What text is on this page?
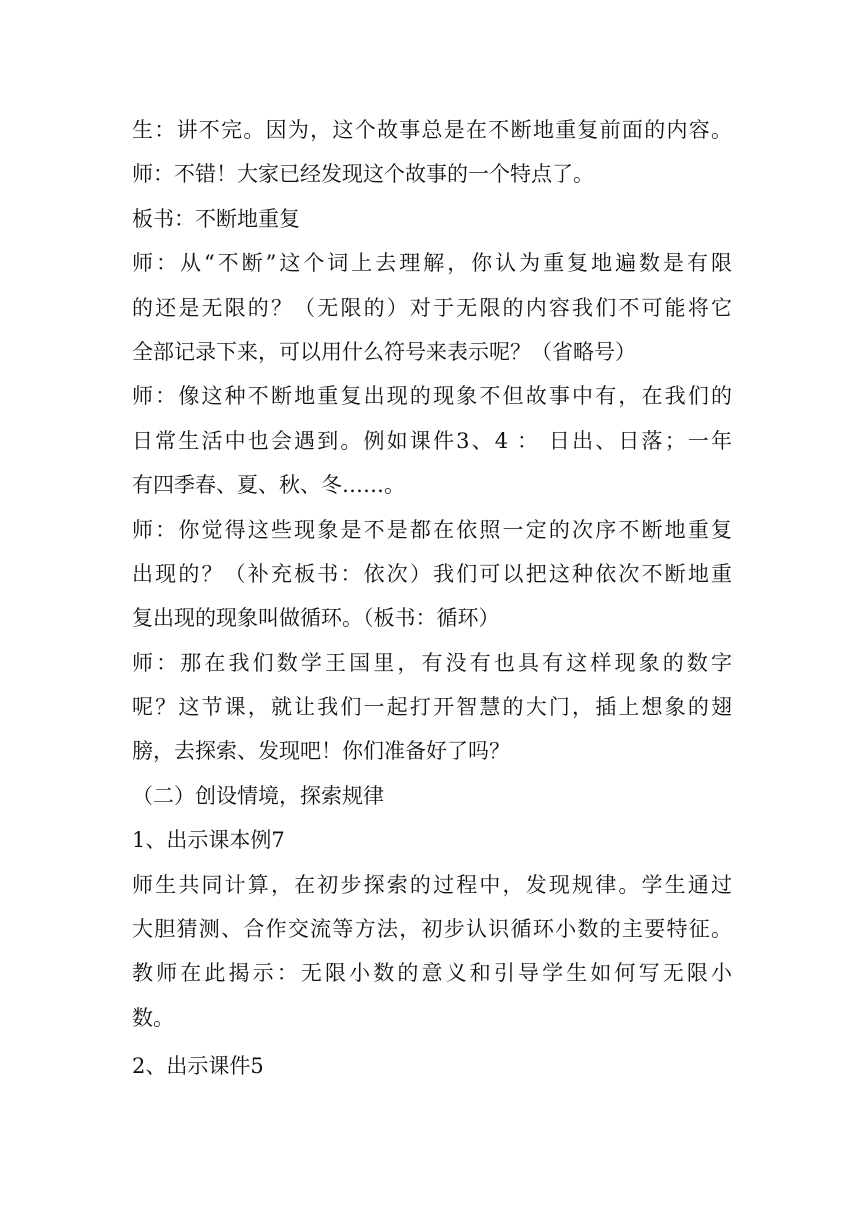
生：讲不完。因为，这个故事总是在不断地重复前面的内容。
师：不错！大家已经发现这个故事的一个特点了。
板书：不断地重复
师：从“不断”这个词上去理解，你认为重复地遍数是有限
的还是无限的？（无限的）对于无限的内容我们不可能将它
全部记录下来，可以用什么符号来表示呢？（省略号）
师：像这种不断地重复出现的现象不但故事中有，在我们的
日常生活中也会遇到。例如课件3、4 ： 日出、日落；一年
有四季春、夏、秋、冬……。
师：你觉得这些现象是不是都在依照一定的次序不断地重复
出现的？（补充板书：依次）我们可以把这种依次不断地重
复出现的现象叫做循环。（板书：循环）
师：那在我们数学王国里，有没有也具有这样现象的数字
呢？这节课，就让我们一起打开智慧的大门，插上想象的翅
膀，去探索、发现吧！你们准备好了吗？
（二）创设情境，探索规律
1、出示课本例7
师生共同计算，在初步探索的过程中，发现规律。学生通过
大胆猜测、合作交流等方法，初步认识循环小数的主要特征。
教师在此揭示：无限小数的意义和引导学生如何写无限小
数。
2、出示课件5
